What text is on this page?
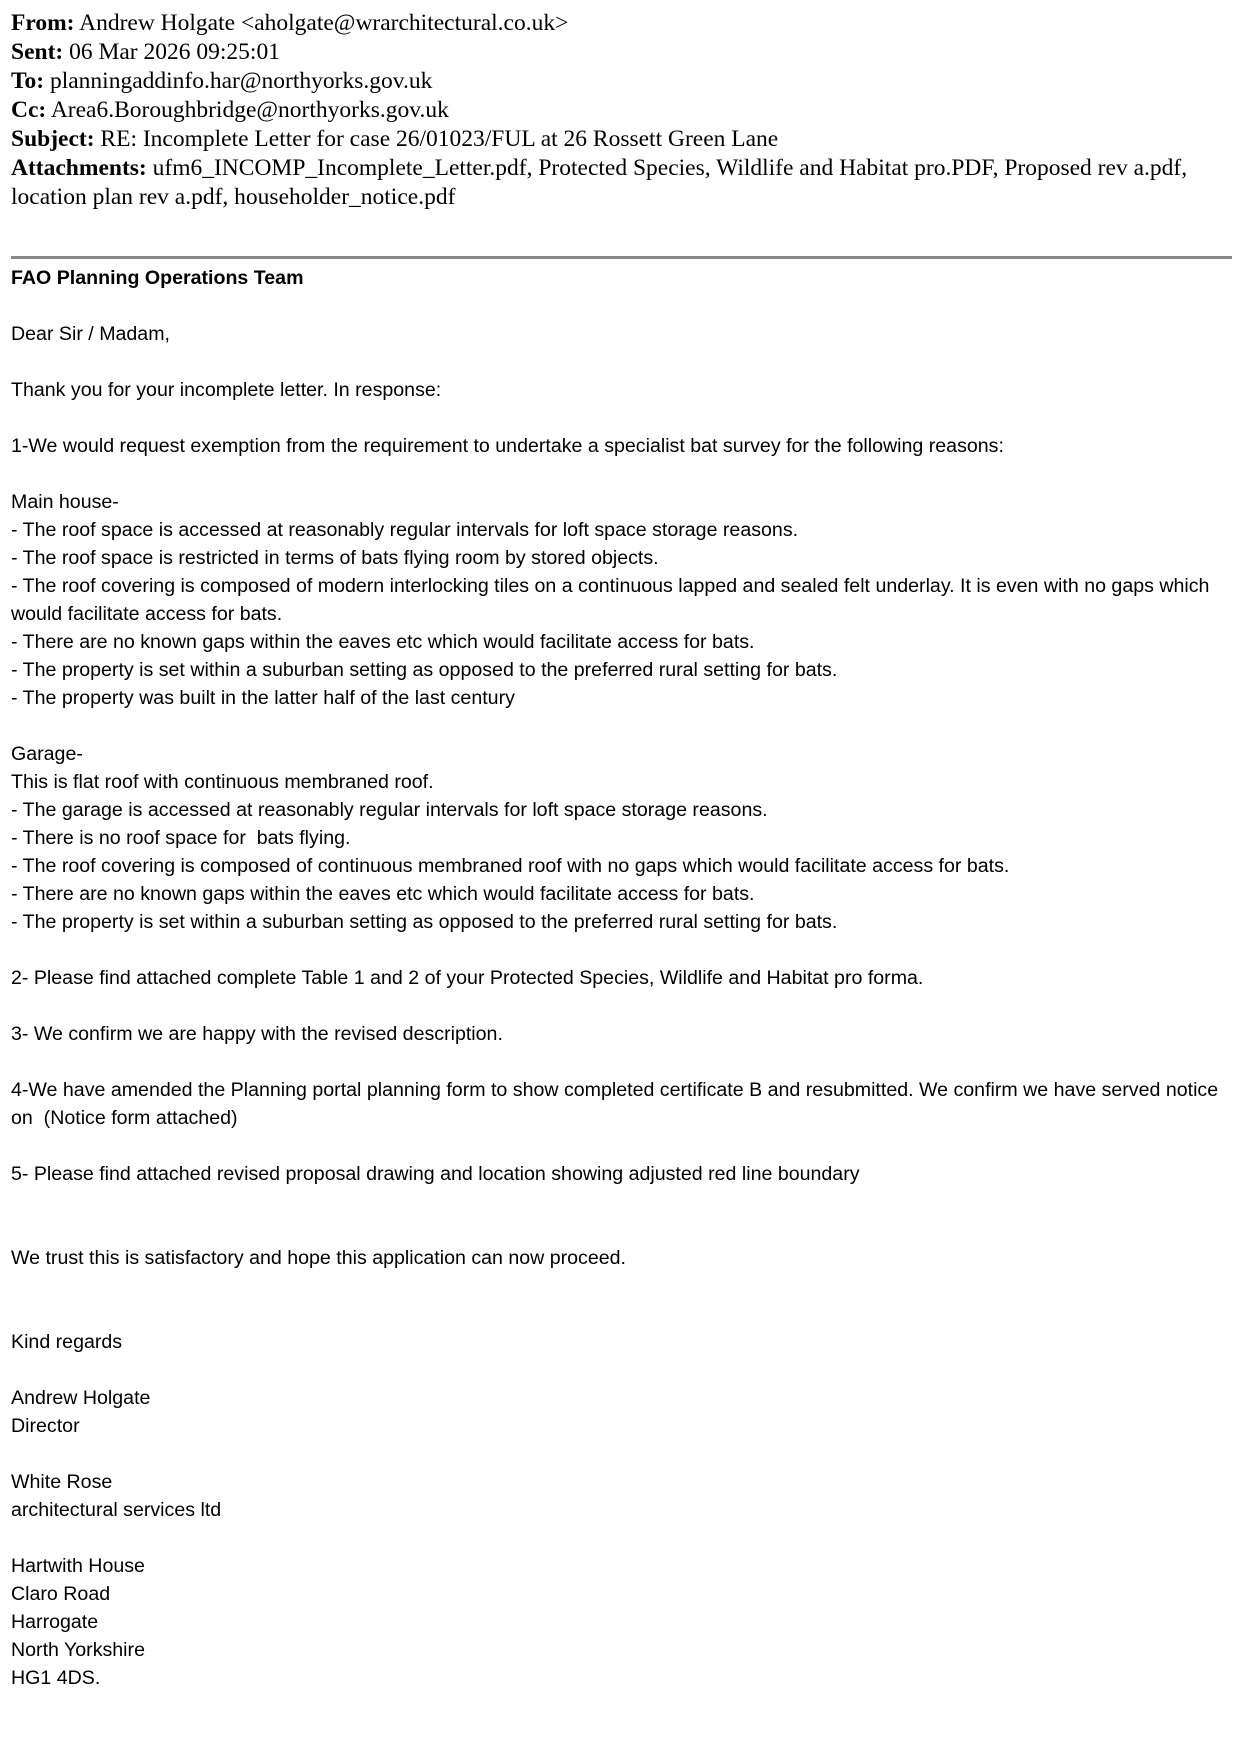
From: Andrew Holgate <aholgate@wrarchitectural.co.uk>

Sent: 06 Mar 2026 09:25:01

To: planningaddinfo.har@northyorks.gov.uk

Cc: Area6.Boroughbridge@northyorks.gov.uk

Subject: RE: Incomplete Letter for case 26/01023/FUL at 26 Rossett Green Lane

Attachments: ufm6_INCOMP_Incomplete_Letter.pdf, Protected Species, Wildlife and Habitat pro.PDF, Proposed rev a.pdf, location plan rev a.pdf, householder_notice.pdf

FAO Planning Operations Team

Dear Sir / Madam,

Thank you for your incomplete letter. In response:

1-We would request exemption from the requirement to undertake a specialist bat survey for the following reasons:

Main house-

- The roof space is accessed at reasonably regular intervals for loft space storage reasons.

- The roof space is restricted in terms of bats flying room by stored objects.

- The roof covering is composed of modern interlocking tiles on a continuous lapped and sealed felt underlay. It is even with no gaps which would facilitate access for bats.

- There are no known gaps within the eaves etc which would facilitate access for bats.

- The property is set within a suburban setting as opposed to the preferred rural setting for bats.

- The property was built in the latter half of the last century

Garage-

This is flat roof with continuous membraned roof.

- The garage is accessed at reasonably regular intervals for loft space storage reasons.

- There is no roof space for  bats flying.

- The roof covering is composed of continuous membraned roof with no gaps which would facilitate access for bats.

- There are no known gaps within the eaves etc which would facilitate access for bats.

- The property is set within a suburban setting as opposed to the preferred rural setting for bats.

2- Please find attached complete Table 1 and 2 of your Protected Species, Wildlife and Habitat pro forma.

3- We confirm we are happy with the revised description.

4-We have amended the Planning portal planning form to show completed certificate B and resubmitted. We confirm we have served notice on  (Notice form attached)

5- Please find attached revised proposal drawing and location showing adjusted red line boundary

We trust this is satisfactory and hope this application can now proceed.

Kind regards

Andrew Holgate

Director

White Rose

architectural services ltd

Hartwith House

Claro Road

Harrogate

North Yorkshire

HG1 4DS.
